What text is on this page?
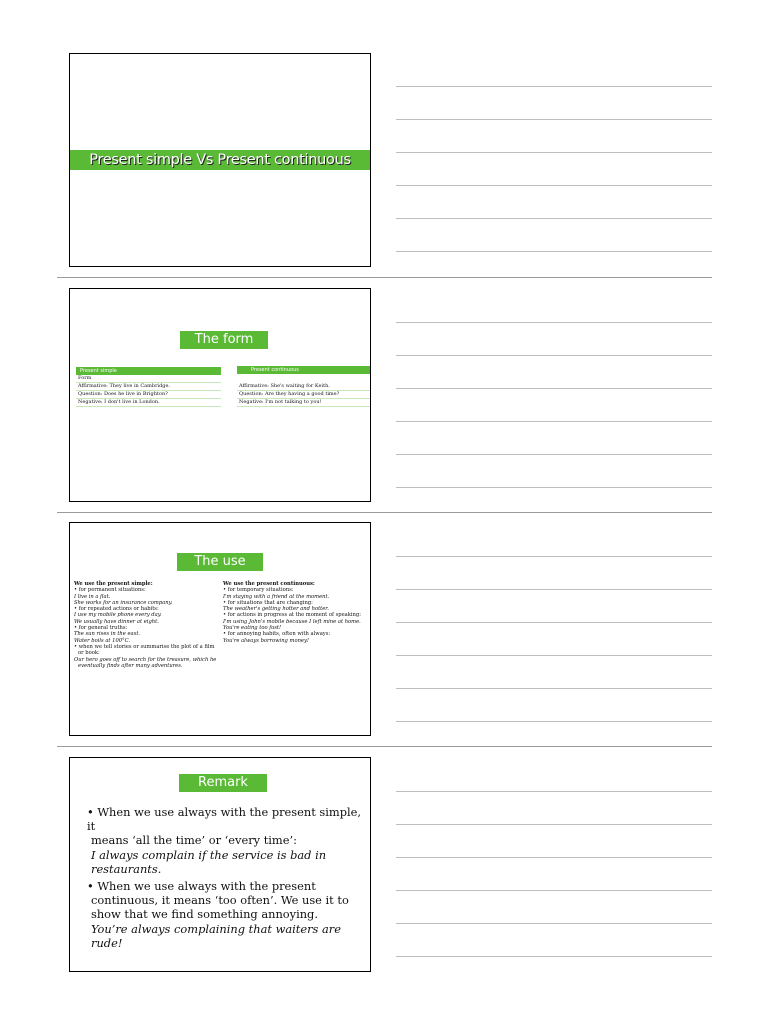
Present simple Vs Present continuous
The form
Present simple
Form
Affirmative: They live in Cambridge.
Question: Does he live in Brighton?
Negative: I don't live in London.
Present continuous
Affirmative: She's waiting for Keith.
Question: Are they having a good time?
Negative: I'm not talking to you!
The use
We use the present simple:
• for permanent situations:
I live in a flat.
She works for an insurance company.
• for repeated actions or habits:
I use my mobile phone every day.
We usually have dinner at eight.
• for general truths:
The sun rises in the east.
Water boils at 100°C.
• when we tell stories or summarise the plot of a film
or book:
Our hero goes off to search for the treasure, which he
eventually finds after many adventures.
We use the present continuous:
• for temporary situations:
I'm staying with a friend at the moment.
• for situations that are changing:
The weather's getting hotter and hotter.
• for actions in progress at the moment of speaking:
I'm using John's mobile because I left mine at home.
You're eating too fast!
• for annoying habits, often with always:
You're always borrowing money!
Remark
• When we use always with the present simple, it
means ‘all the time’ or ‘every time’:
I always complain if the service is bad in
restaurants.
• When we use always with the present
continuous, it means ‘too often’. We use it to
show that we find something annoying.
You’re always complaining that waiters are rude!
